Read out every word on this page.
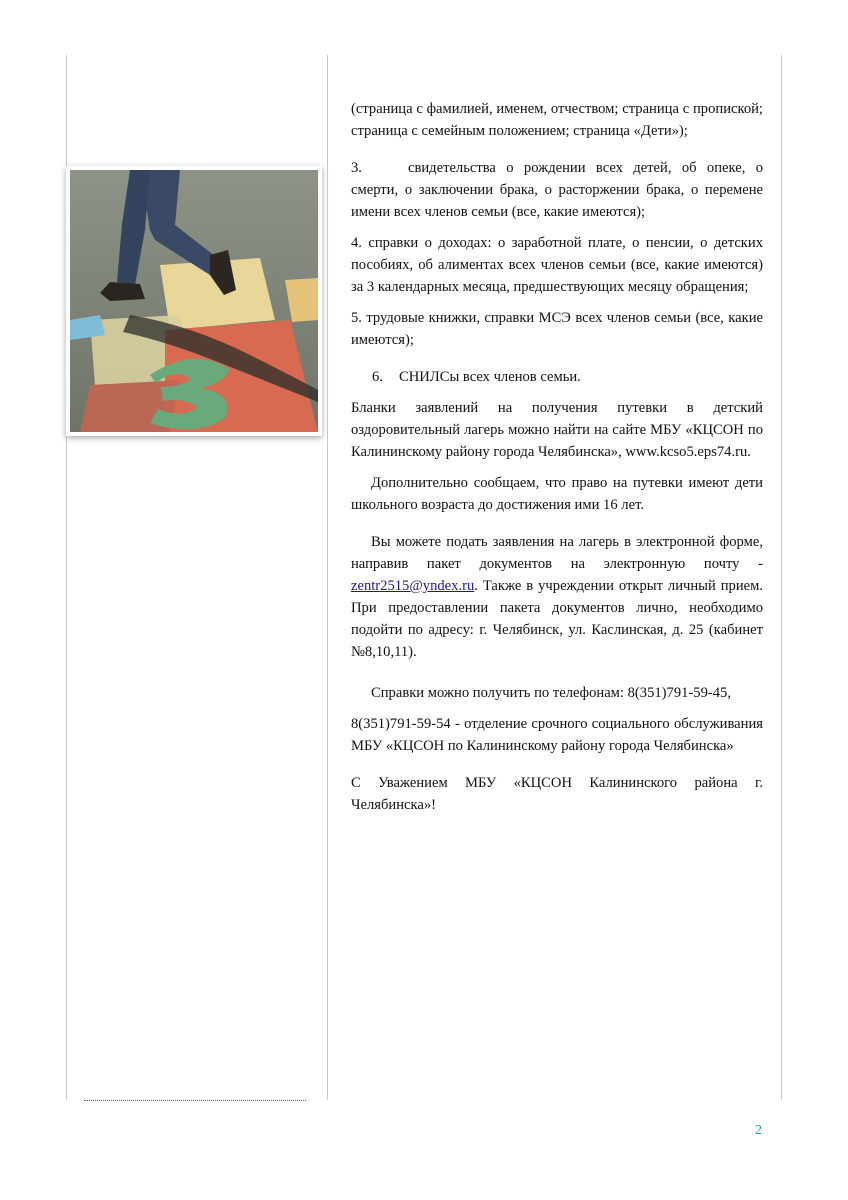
(страница с фамилией, именем, отчеством; страница с пропиской; страница с семейным положением; страница «Дети»);

3.	свидетельства о рождении всех детей, об опеке, о смерти, о заключении брака, о расторжении брака, о перемене имени всех членов семьи (все, какие имеются);

4. справки о доходах: о заработной плате, о пенсии, о детских пособиях, об алиментах всех членов семьи (все, какие имеются) за 3 календарных месяца, предшествующих месяцу обращения;

5. трудовые книжки, справки МСЭ всех членов семьи (все, какие имеются);

6. СНИЛСы всех членов семьи.

Бланки заявлений на получения путевки в детский оздоровительный лагерь можно найти на сайте МБУ «КЦСОН по Калининскому району города Челябинска», www.kcso5.eps74.ru.

Дополнительно сообщаем, что право на путевки имеют дети школьного возраста до достижения ими 16 лет.

Вы можете подать заявления на лагерь в электронной форме, направив пакет документов на электронную почту - zentr2515@yndex.ru. Также в учреждении открыт личный прием. При предоставлении пакета документов лично, необходимо подойти по адресу: г. Челябинск, ул. Каслинская, д. 25 (кабинет №8,10,11).

Справки можно получить по телефонам: 8(351)791-59-45,

8(351)791-59-54 - отделение срочного социального обслуживания МБУ «КЦСОН по Калининскому району города Челябинска»

С Уважением МБУ «КЦСОН Калининского района г. Челябинска»!

2
